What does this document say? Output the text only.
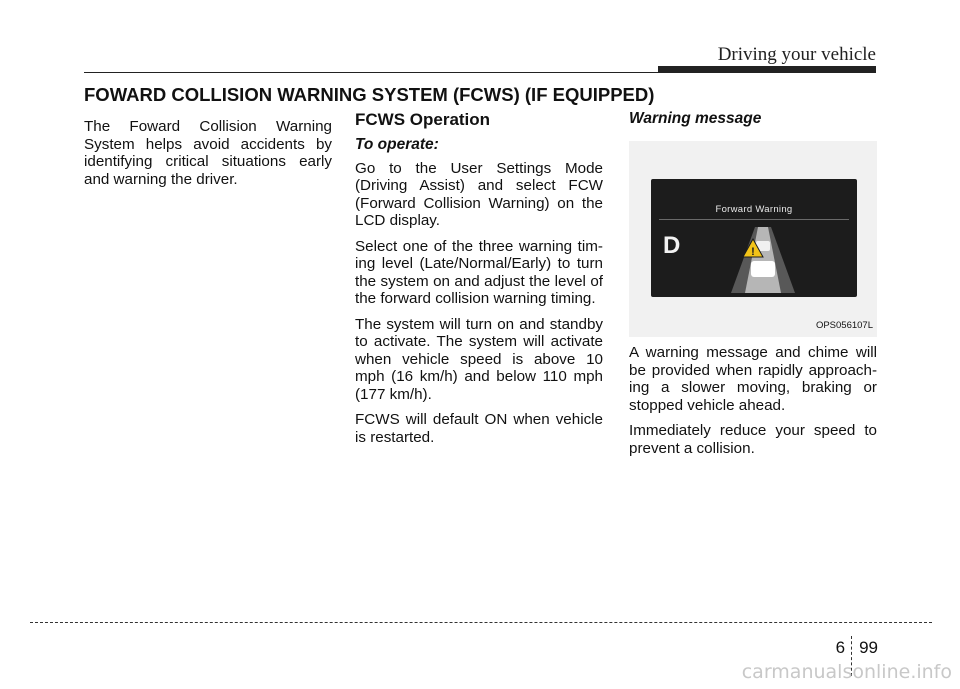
Driving your vehicle
FOWARD COLLISION WARNING SYSTEM (FCWS) (IF EQUIPPED)

The Foward Collision Warning System helps avoid accidents by identifying critical situations early and warning the driver.

FCWS Operation
To operate:

Go to the User Settings Mode (Driving Assist) and select FCW (Forward Collision Warning) on the LCD display.

Select one of the three warning tim-ing level (Late/Normal/Early) to turn the system on and adjust the level of the forward collision warning timing.

The system will turn on and standby to activate. The system will activate when vehicle speed is above 10 mph (16 km/h) and below 110 mph (177 km/h).

FCWS will default ON when vehicle is restarted.

Warning message
Forward Warning
D	!
OPS056107L

A warning message and chime will be provided when rapidly approach-ing a slower moving, braking or stopped vehicle ahead.

Immediately reduce your speed to prevent a collision.

6 99
carmanualsonline.info
